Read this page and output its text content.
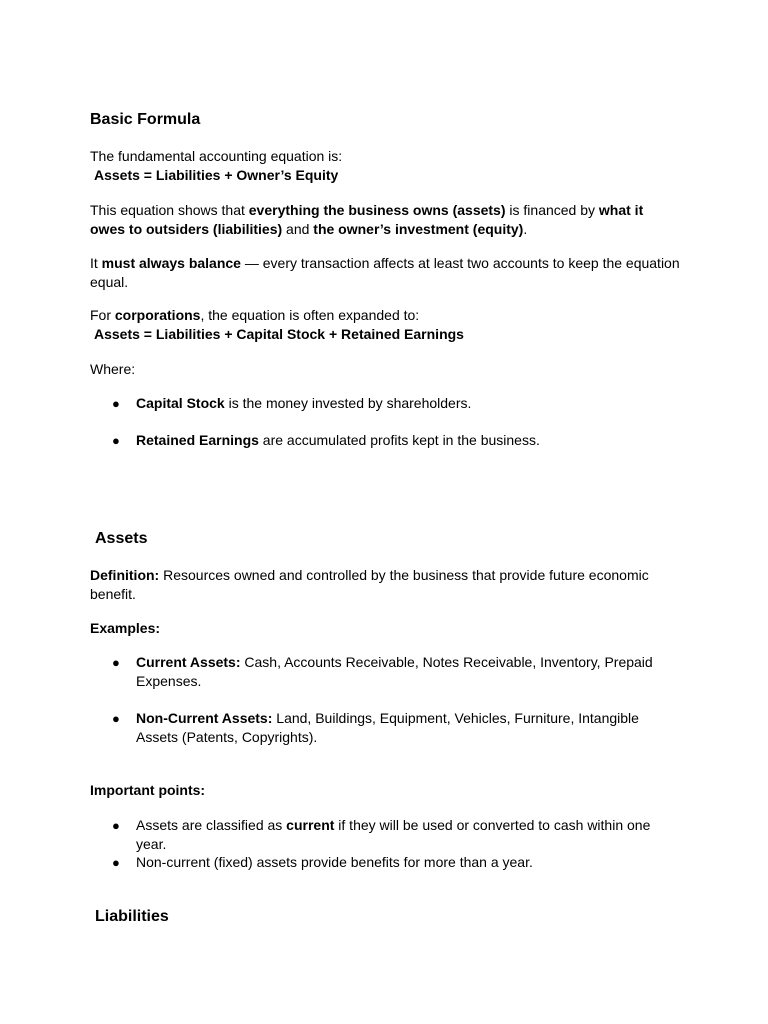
Basic Formula
The fundamental accounting equation is:
Assets = Liabilities + Owner’s Equity
This equation shows that everything the business owns (assets) is financed by what it owes to outsiders (liabilities) and the owner’s investment (equity).
It must always balance — every transaction affects at least two accounts to keep the equation equal.
For corporations, the equation is often expanded to:
Assets = Liabilities + Capital Stock + Retained Earnings
Where:
●	Capital Stock is the money invested by shareholders.
●	Retained Earnings are accumulated profits kept in the business.
Assets
Definition: Resources owned and controlled by the business that provide future economic benefit.
Examples:
●	Current Assets: Cash, Accounts Receivable, Notes Receivable, Inventory, Prepaid Expenses.
●	Non-Current Assets: Land, Buildings, Equipment, Vehicles, Furniture, Intangible Assets (Patents, Copyrights).
Important points:
●	Assets are classified as current if they will be used or converted to cash within one year.
●	Non-current (fixed) assets provide benefits for more than a year.
Liabilities
